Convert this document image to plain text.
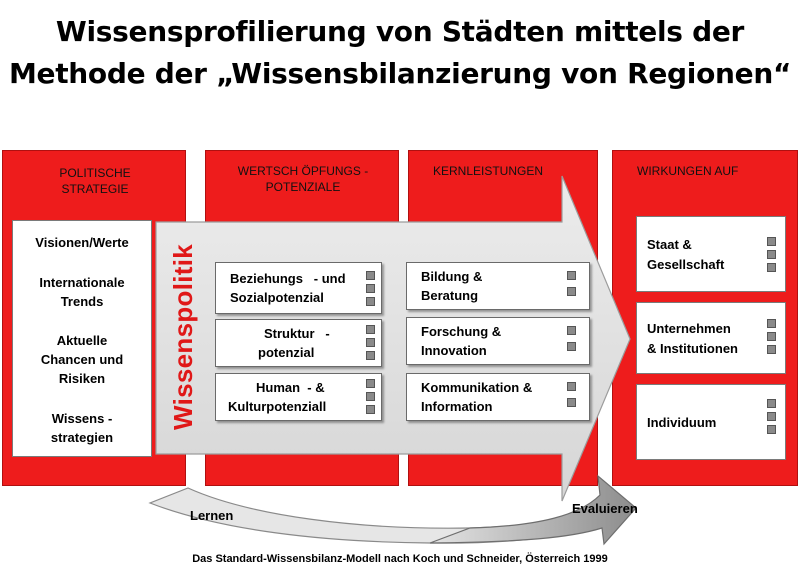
Wissensprofilierung von Städten mittels der
Methode der „Wissensbilanzierung von Regionen“
POLITISCHE
STRATEGIE
WERTSCH ÖPFUNGS -
POTENZIALE
KERNLEISTUNGEN	WIRKUNGEN AUF
Visionen/Werte
Internationale
Trends
Aktuelle
Chancen und
Risiken
Wissens -
strategien
Wissenspolitik Beziehungs   - und
Sozialpotenzial
Struktur   -
potenzial
Human  - &
Kulturpotenziall
Bildung &
Beratung
Forschung &
Innovation
Kommunikation &
Information
Staat &
Gesellschaft
Unternehmen
& Institutionen
Individuum
Lernen	Evaluieren
Das Standard-Wissensbilanz-Modell nach Koch und Schneider, Österreich 1999
